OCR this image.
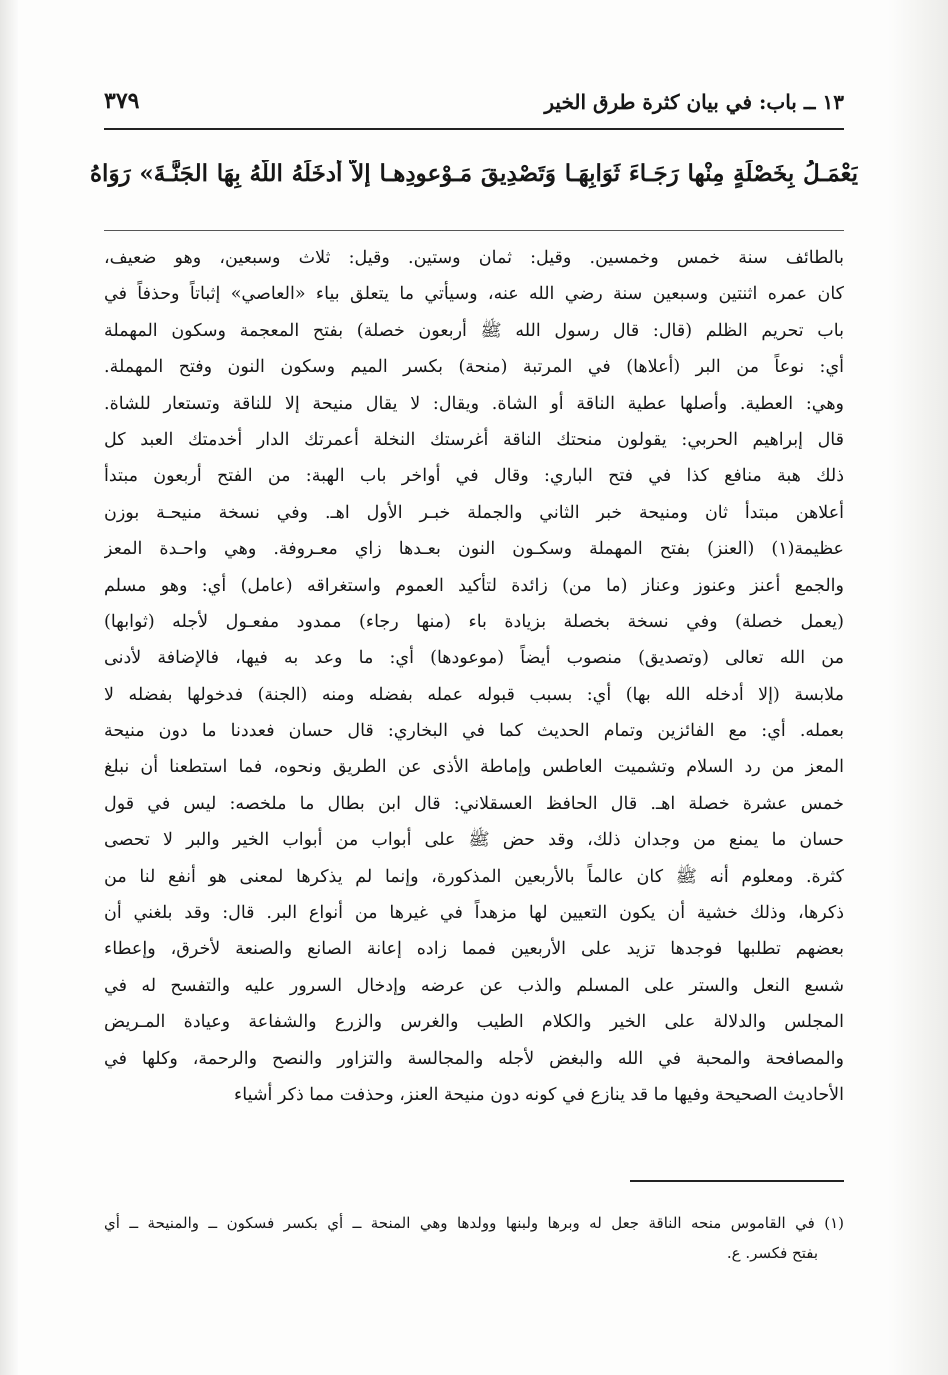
١٣ ــ باب: في بيان كثرة طرق الخير
٣٧٩
يَعْمَـلُ بِخَصْلَةٍ مِنْها رَجَـاءَ ثَوَابِهَـا وَتَصْدِيقَ مَـوْعودِهـا إلاَّ أَدخَلَهُ اللَّهُ بِهَا الجَنَّـةَ» رَوَاهُ
بالطائف سنة خمس وخمسين. وقيل: ثمان وستين. وقيل: ثلاث وسبعين، وهو ضعيف،
كان عمره اثنتين وسبعين سنة رضي الله عنه، وسيأتي ما يتعلق بياء «العاصي» إثباتاً وحذفاً في
باب تحريم الظلم (قال: قال رسول الله ﷺ أربعون خصلة) بفتح المعجمة وسكون المهملة
أي: نوعاً من البر (أعلاها) في المرتبة (منحة) بكسر الميم وسكون النون وفتح المهملة.
وهي: العطية. وأصلها عطية الناقة أو الشاة. ويقال: لا يقال منيحة إلا للناقة وتستعار للشاة.
قال إبراهيم الحربي: يقولون منحتك الناقة أغرستك النخلة أعمرتك الدار أخدمتك العبد كل
ذلك هبة منافع كذا في فتح الباري: وقال في أواخر باب الهبة: من الفتح أربعون مبتدأ
أعلاهن مبتدأ ثان ومنيحة خبر الثاني والجملة خبـر الأول اهـ. وفي نسخة منيحـة بوزن
عظيمة(١) (العنز) بفتح المهملة وسكـون النون بعـدها زاي معـروفة. وهي واحـدة المعز
والجمع أعنز وعنوز وعناز (ما من) زائدة لتأكيد العموم واستغراقه (عامل) أي: وهو مسلم
(يعمل خصلة) وفي نسخة بخصلة بزيادة باء (منها رجاء) ممدود مفعـول لأجله (ثوابها)
من الله تعالى (وتصديق) منصوب أيضاً (موعودها) أي: ما وعد به فيها، فالإضافة لأدنى
ملابسة (إلا أدخله الله بها) أي: بسبب قبوله عمله بفضله ومنه (الجنة) فدخولها بفضله لا
بعمله. أي: مع الفائزين وتمام الحديث كما في البخاري: قال حسان فعددنا ما دون منيحة
المعز من رد السلام وتشميت العاطس وإماطة الأذى عن الطريق ونحوه، فما استطعنا أن نبلغ
خمس عشرة خصلة اهـ. قال الحافظ العسقلاني: قال ابن بطال ما ملخصه: ليس في قول
حسان ما يمنع من وجدان ذلك، وقد حض ﷺ على أبواب من أبواب الخير والبر لا تحصى
كثرة. ومعلوم أنه ﷺ كان عالماً بالأربعين المذكورة، وإنما لم يذكرها لمعنى هو أنفع لنا من
ذكرها، وذلك خشية أن يكون التعيين لها مزهداً في غيرها من أنواع البر. قال: وقد بلغني أن
بعضهم تطلبها فوجدها تزيد على الأربعين فمما زاده إعانة الصانع والصنعة لأخرق، وإعطاء
شسع النعل والستر على المسلم والذب عن عرضه وإدخال السرور عليه والتفسح له في
المجلس والدلالة على الخير والكلام الطيب والغرس والزرع والشفاعة وعيادة المـريض
والمصافحة والمحبة في الله والبغض لأجله والمجالسة والتزاور والنصح والرحمة، وكلها في
الأحاديث الصحيحة وفيها ما قد ينازع في كونه دون منيحة العنز، وحذفت مما ذكر أشياء
(١) في القاموس منحه الناقة جعل له وبرها ولبنها وولدها وهي المنحة ــ أي بكسر فسكون ــ والمنيحة ــ أي
بفتح فكسر. ع.
